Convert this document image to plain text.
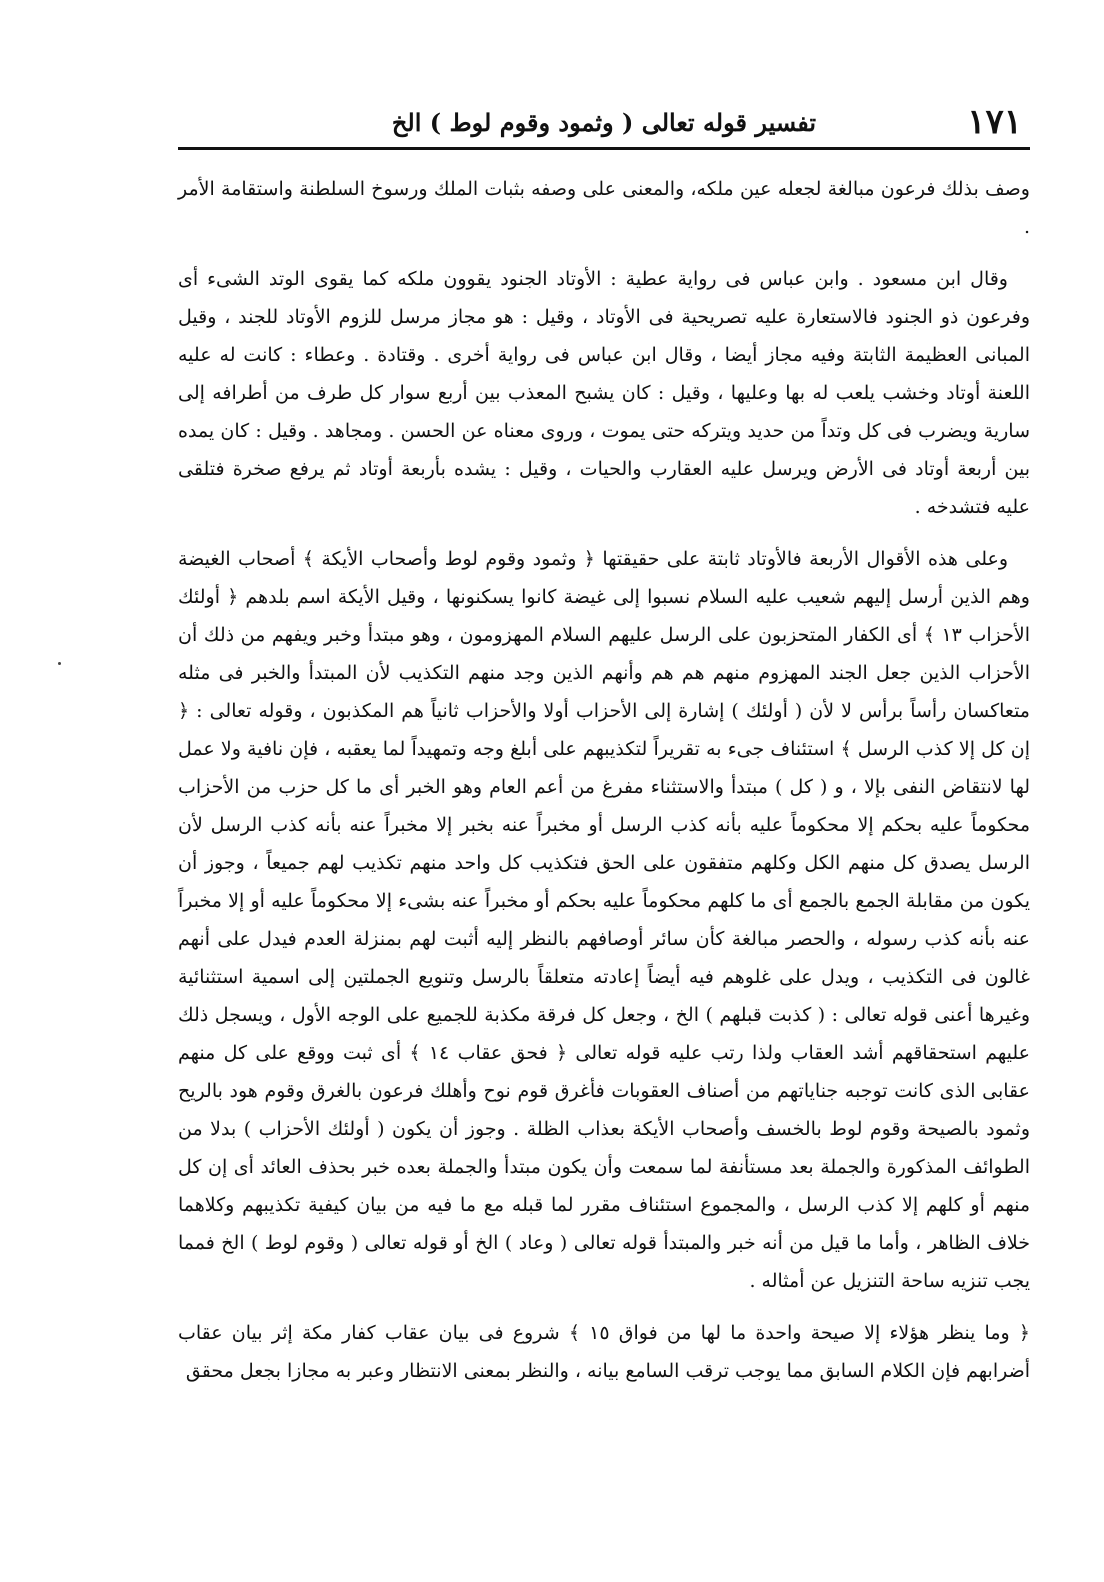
تفسير قوله تعالى ( وثمود وقوم لوط ) الخ	١٧١

وصف بذلك فرعون مبالغة لجعله عين ملكه، والمعنى على وصفه بثبات الملك ورسوخ السلطنة واستقامة الأمر .

وقال ابن مسعود . وابن عباس فى رواية عطية : الأوتاد الجنود يقوون ملكه كما يقوى الوتد الشىء أى وفرعون ذو الجنود فالاستعارة عليه تصريحية فى الأوتاد ، وقيل : هو مجاز مرسل للزوم الأوتاد للجند ، وقيل المبانى العظيمة الثابتة وفيه مجاز أيضا ، وقال ابن عباس فى رواية أخرى . وقتادة . وعطاء : كانت له عليه اللعنة أوتاد وخشب يلعب له بها وعليها ، وقيل : كان يشبح المعذب بين أربع سوار كل طرف من أطرافه إلى سارية ويضرب فى كل وتداً من حديد ويتركه حتى يموت ، وروى معناه عن الحسن . ومجاهد . وقيل : كان يمده بين أربعة أوتاد فى الأرض ويرسل عليه العقارب والحيات ، وقيل : يشده بأربعة أوتاد ثم يرفع صخرة فتلقى عليه فتشدخه .

وعلى هذه الأقوال الأربعة فالأوتاد ثابتة على حقيقتها ﴿ وثمود وقوم لوط وأصحاب الأيكة ﴾ أصحاب الغيضة وهم الذين أرسل إليهم شعيب عليه السلام نسبوا إلى غيضة كانوا يسكنونها ، وقيل الأيكة اسم بلدهم ﴿ أولئك الأحزاب ١٣ ﴾ أى الكفار المتحزبون على الرسل عليهم السلام المهزومون ، وهو مبتدأ وخبر ويفهم من ذلك أن الأحزاب الذين جعل الجند المهزوم منهم هم هم وأنهم الذين وجد منهم التكذيب لأن المبتدأ والخبر فى مثله متعاكسان رأساً برأس لا لأن ( أولئك ) إشارة إلى الأحزاب أولا والأحزاب ثانياً هم المكذبون ، وقوله تعالى : ﴿ إن كل إلا كذب الرسل ﴾ استئناف جىء به تقريراً لتكذيبهم على أبلغ وجه وتمهيداً لما يعقبه ، فإن نافية ولا عمل لها لانتقاض النفى بإلا ، و ( كل ) مبتدأ والاستثناء مفرغ من أعم العام وهو الخبر أى ما كل حزب من الأحزاب محكوماً عليه بحكم إلا محكوماً عليه بأنه كذب الرسل أو مخبراً عنه بخبر إلا مخبراً عنه بأنه كذب الرسل لأن الرسل يصدق كل منهم الكل وكلهم متفقون على الحق فتكذيب كل واحد منهم تكذيب لهم جميعاً ، وجوز أن يكون من مقابلة الجمع بالجمع أى ما كلهم محكوماً عليه بحكم أو مخبراً عنه بشىء إلا محكوماً عليه أو إلا مخبراً عنه بأنه كذب رسوله ، والحصر مبالغة كأن سائر أوصافهم بالنظر إليه أثبت لهم بمنزلة العدم فيدل على أنهم غالون فى التكذيب ، ويدل على غلوهم فيه أيضاً إعادته متعلقاً بالرسل وتنويع الجملتين إلى اسمية استثنائية وغيرها أعنى قوله تعالى : ( كذبت قبلهم ) الخ ، وجعل كل فرقة مكذبة للجميع على الوجه الأول ، ويسجل ذلك عليهم استحقاقهم أشد العقاب ولذا رتب عليه قوله تعالى ﴿ فحق عقاب ١٤ ﴾ أى ثبت ووقع على كل منهم عقابى الذى كانت توجبه جناياتهم من أصناف العقوبات فأغرق قوم نوح وأهلك فرعون بالغرق وقوم هود بالريح وثمود بالصيحة وقوم لوط بالخسف وأصحاب الأيكة بعذاب الظلة . وجوز أن يكون ( أولئك الأحزاب ) بدلا من الطوائف المذكورة والجملة بعد مستأنفة لما سمعت وأن يكون مبتدأ والجملة بعده خبر بحذف العائد أى إن كل منهم أو كلهم إلا كذب الرسل ، والمجموع استئناف مقرر لما قبله مع ما فيه من بيان كيفية تكذيبهم وكلاهما خلاف الظاهر ، وأما ما قيل من أنه خبر والمبتدأ قوله تعالى ( وعاد ) الخ أو قوله تعالى ( وقوم لوط ) الخ فمما يجب تنزيه ساحة التنزيل عن أمثاله .

﴿ وما ينظر هؤلاء إلا صيحة واحدة ما لها من فواق ١٥ ﴾ شروع فى بيان عقاب كفار مكة إثر بيان عقاب أضرابهم فإن الكلام السابق مما يوجب ترقب السامع بيانه ، والنظر بمعنى الانتظار وعبر به مجازا بجعل محقق
